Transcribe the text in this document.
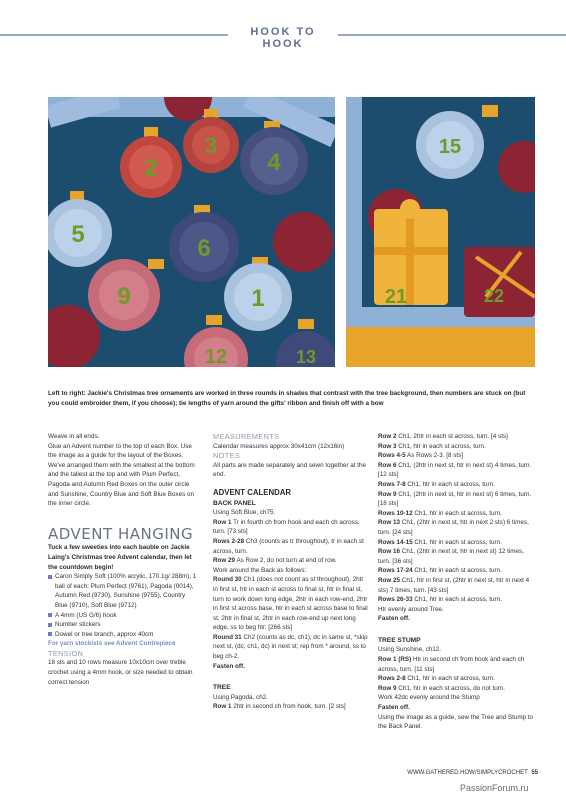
HOOK TO HOOK
2
3
4
5
6
9	1
12	13
15
21	22

Left to right: Jackie's Christmas tree ornaments are worked in three rounds in shades that contrast with the tree background, then numbers are stuck on (but you could embroider them, if you choose); tie lengths of yarn around the gifts' ribbon and finish off with a bow

Weave in all ends.

Glue an Advent number to the top of each Box. Use the image as a guide for the layout of the Boxes. We've arranged them with the smallest at the bottom and the tallest at the top and with Plum Perfect, Pagoda and Autumn Red Boxes on the outer circle and Sunshine, Country Blue and Soft Blue Boxes on the inner circle.

ADVENT HANGING

Tuck a few sweeties into each bauble on Jackie Laing's Christmas tree Advent calendar, then let the countdown begin!

Caron Simply Soft (100% acrylic, 170.1g/ 288m), 1 ball of each: Plum Perfect (9761), Pagoda (0014), Autumn Red (9730), Sunshine (9755), Country Blue (9710), Soft Blue (9712)

A 4mm (US G/6) hook

Number stickers

Dowel or tree branch, approx 40cm

For yarn stockists see Advent Contrepiece

TENSION

18 sts and 10 rows measure 10x10cm over treble crochet using a 4mm hook, or size needed to obtain correct tension

MEASUREMENTS

Calendar measures approx 30x41cm (12x16in)

NOTES

All parts are made separately and sewn together at the end.

ADVENT CALENDAR

BACK PANEL

Using Soft Blue, ch75.

Row 1 Tr in fourth ch from hook and each ch across, turn. [73 sts]

Rows 2-28 Ch3 (counts as tr throughout), tr in each st across, turn.

Row 29 As Row 2, do not turn at end of row.

Work around the Back as follows:

Round 30 Ch1 (does not count as st throughout), 2htr in first st, htr in each st across to final st, htr in final st, turn to work down long edge, 2htr in each row-end, 2htr in first st across base, htr in each st across base to final st, 2htr in final st, 2htr in each row-end up next long edge, ss to beg htr. [266 sts]

Round 31 Ch2 (counts as dc, ch1), dc in same st, *skip next st, (dc, ch1, dc) in next st; rep from * around, ss to beg ch-2.

Fasten off.

TREE

Using Pagoda, ch2.

Row 1 2htr in second ch from hook, turn. [2 sts]

Row 2 Ch1, 2htr in each st across, turn. [4 sts]

Row 3 Ch1, htr in each st across, turn.

Rows 4-5 As Rows 2-3. [8 sts]

Row 6 Ch1, (2htr in next st, htr in next st) 4 times, turn. [12 sts]

Rows 7-8 Ch1, htr in each st across, turn.

Row 9 Ch1, (2htr in next st, htr in next st) 6 times, turn. [18 sts]

Rows 10-12 Ch1, htr in each st across, turn.

Row 13 Ch1, (2htr in next st, htr in next 2 sts) 6 times, turn. [24 sts]

Rows 14-15 Ch1, htr in each st across, turn.

Row 16 Ch1, (2htr in next st, htr in next st) 12 times, turn. [36 sts]

Rows 17-24 Ch1, htr in each st across, turn.

Row 25 Ch1, htr in first st, (2htr in next st, htr in next 4 sts) 7 times, turn. [43 sts]

Rows 26-33 Ch1, htr in each st across, turn.

Htr evenly around Tree.

Fasten off.

TREE STUMP

Using Sunshine, ch12.

Row 1 (RS) Htr in second ch from hook and each ch across, turn. [11 sts]

Rows 2-8 Ch1, htr in each st across, turn.

Row 9 Ch1, htr in each st across, do not turn.

Work 42dc evenly around the Stump

Fasten off.

Using the image as a guide, sew the Tree and Stump to the Back Panel.

WWW.GATHERED.HOW/SIMPLYCROCHET 55
PassionForum.ru
